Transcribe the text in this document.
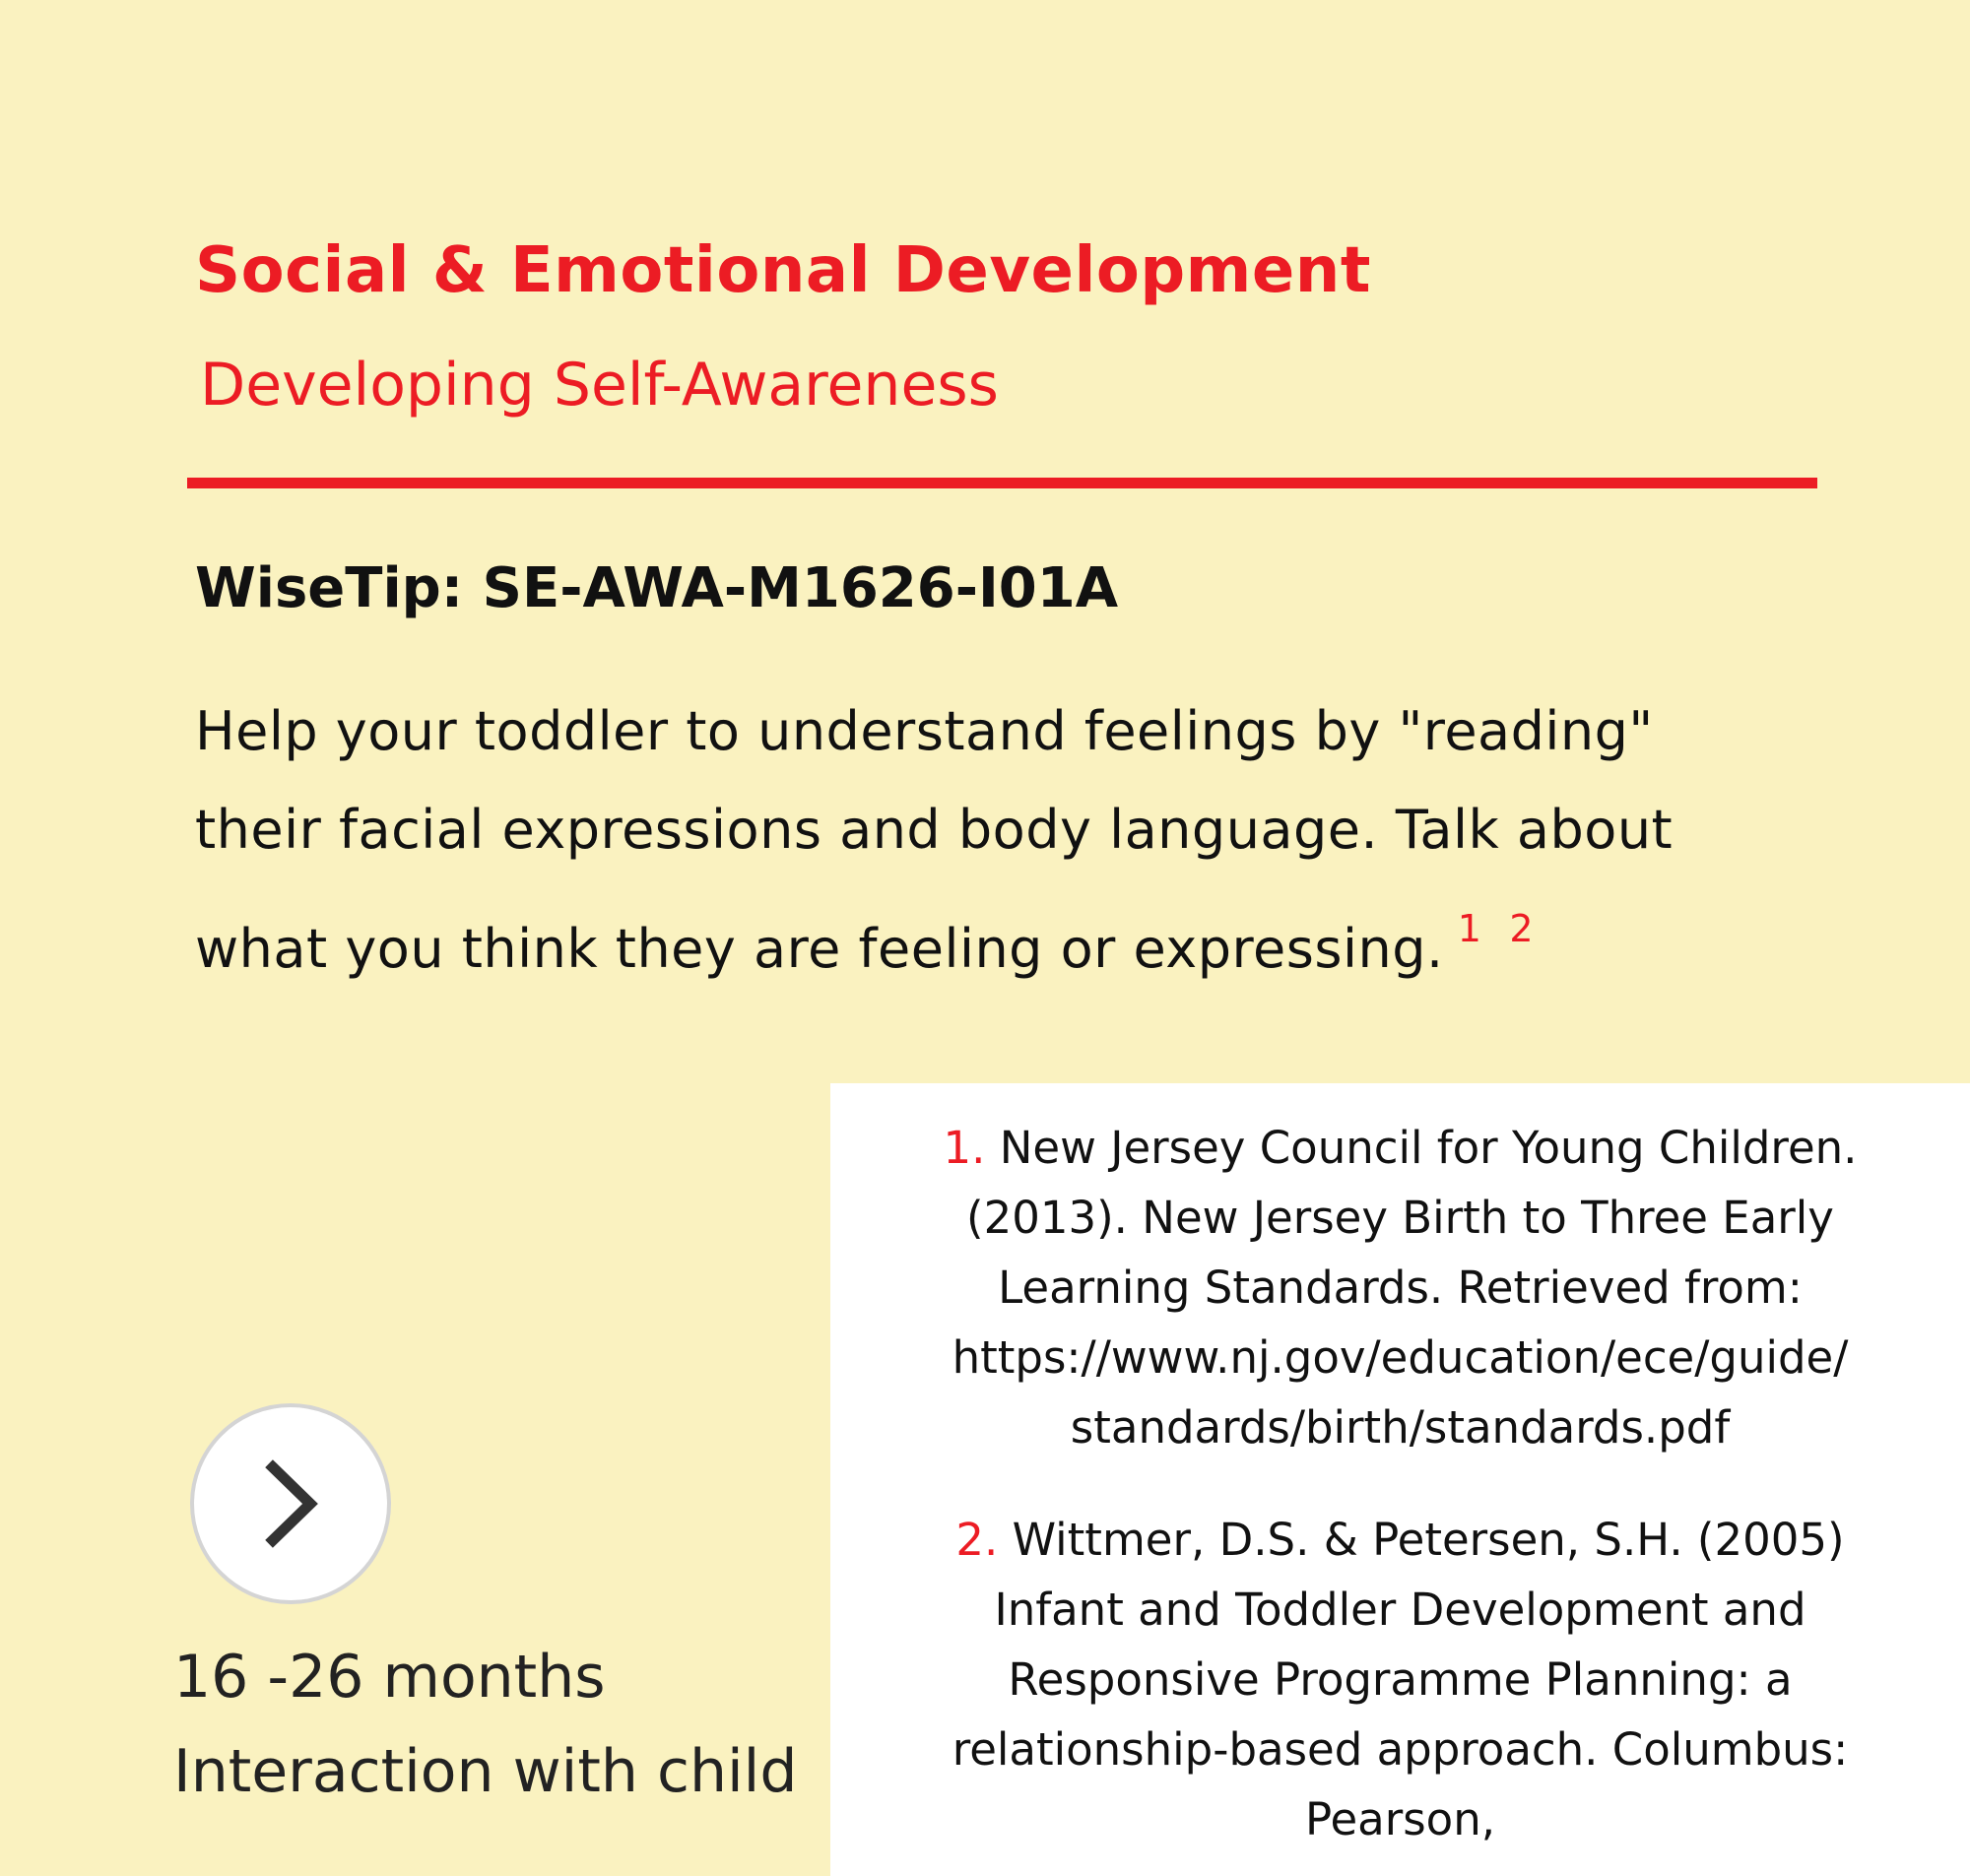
Social & Emotional Development
Developing Self-Awareness
WiseTip: SE-AWA-M1626-I01A
Help your toddler to understand feelings by "reading"
their facial expressions and body language. Talk about
what you think they are feeling or expressing. $^1$ $^2$
16 -26 months
Interaction with child
1. New Jersey Council for Young Children.
(2013). New Jersey Birth to Three Early
Learning Standards. Retrieved from:
https://www.nj.gov/education/ece/guide/
standards/birth/standards.pdf
2. Wittmer, D.S. & Petersen, S.H. (2005)
Infant and Toddler Development and
Responsive Programme Planning: a
relationship-based approach. Columbus:
Pearson,
